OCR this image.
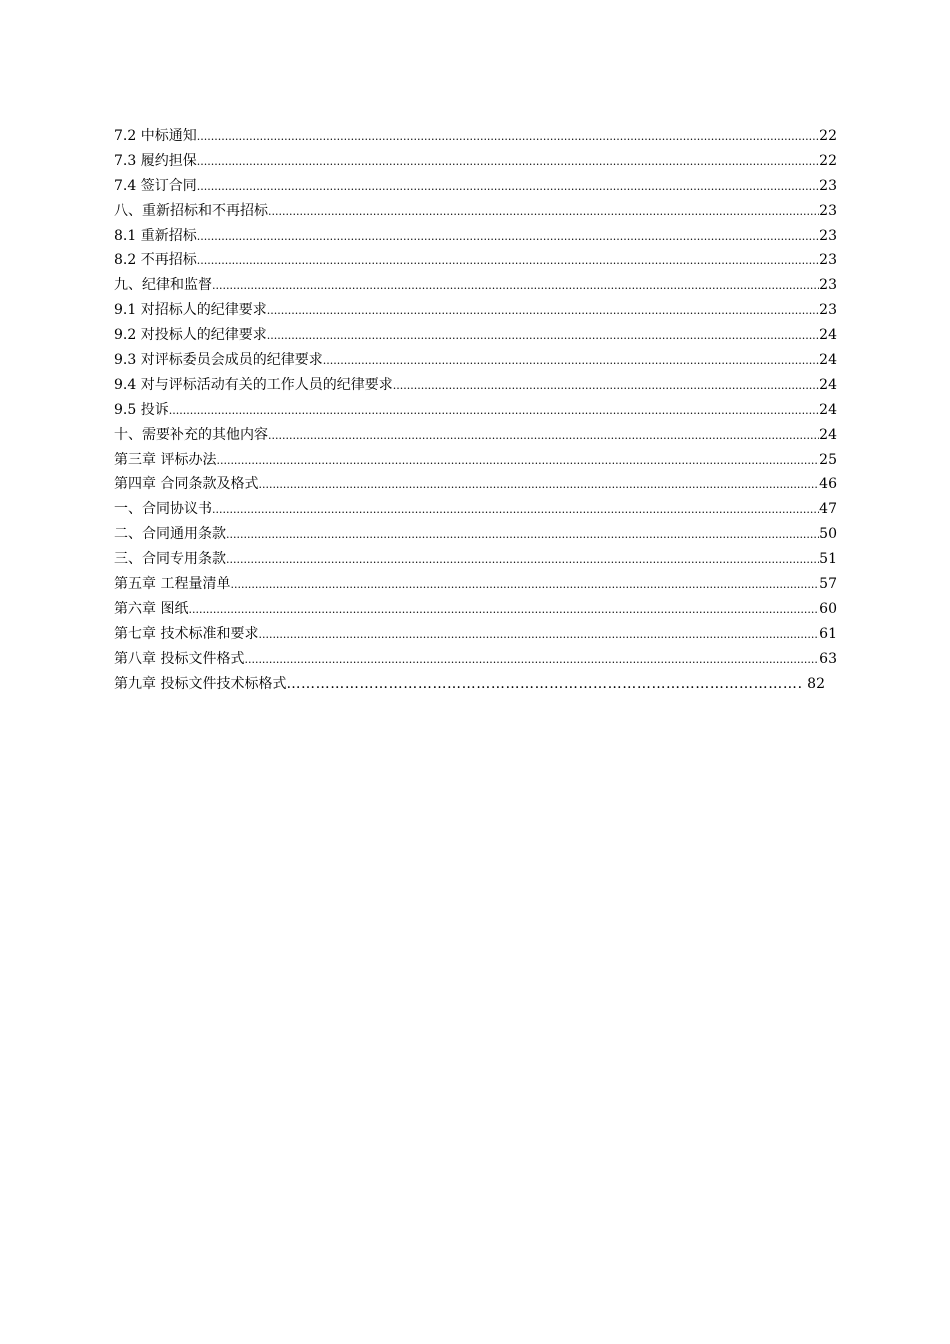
7.2 中标通知 .....	22
7.3 履约担保 .....	22
7.4 签订合同 .....	23
八、重新招标和不再招标 .....	23
8.1 重新招标 .....	23
8.2 不再招标 .....	23
九、纪律和监督 .....	23
9.1 对招标人的纪律要求 .....	23
9.2 对投标人的纪律要求 .....	24
9.3 对评标委员会成员的纪律要求 .....	24
9.4 对与评标活动有关的工作人员的纪律要求 .....	24
9.5 投诉 .....	24
十、需要补充的其他内容 .....	24
第三章 评标办法 .....	25
第四章 合同条款及格式 .....	46
一、合同协议书 .....	47
二、合同通用条款 .....	50
三、合同专用条款 .....	51
第五章 工程量清单 .....	57
第六章 图纸 .....	60
第七章 技术标准和要求 .....	61
第八章 投标文件格式 .....	63
第九章 投标文件技术标格式 ……………………………………………………………………………………………………………………………………………………………………	82
